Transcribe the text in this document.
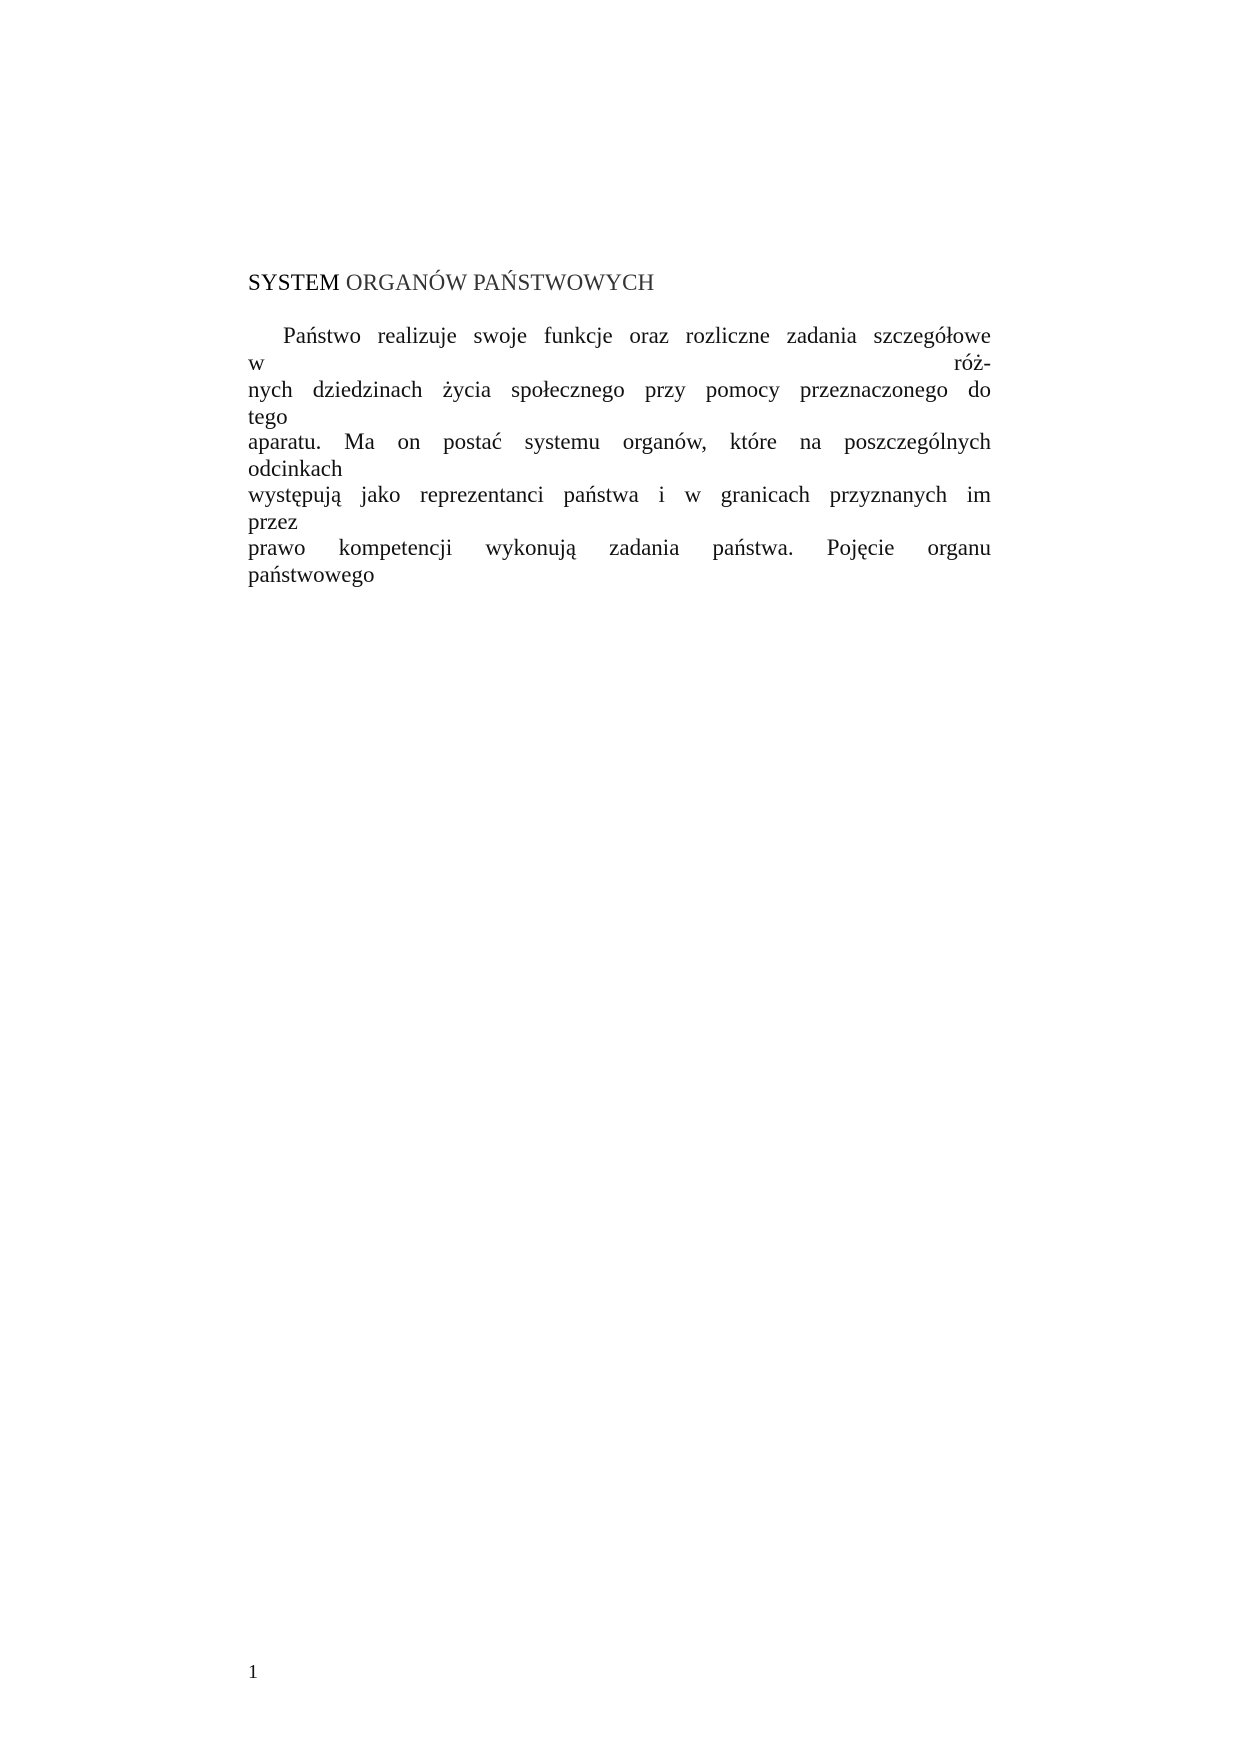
SYSTEM ORGANÓW PAŃSTWOWYCH
Państwo realizuje swoje funkcje oraz rozliczne zadania szczegółowe
w	róż-
nych dziedzinach życia społecznego przy pomocy przeznaczonego do
tego
aparatu. Ma on postać systemu organów, które na poszczególnych
odcinkach
występują jako reprezentanci państwa i w granicach przyznanych im
przez
prawo kompetencji wykonują zadania państwa. Pojęcie organu
państwowego
1
